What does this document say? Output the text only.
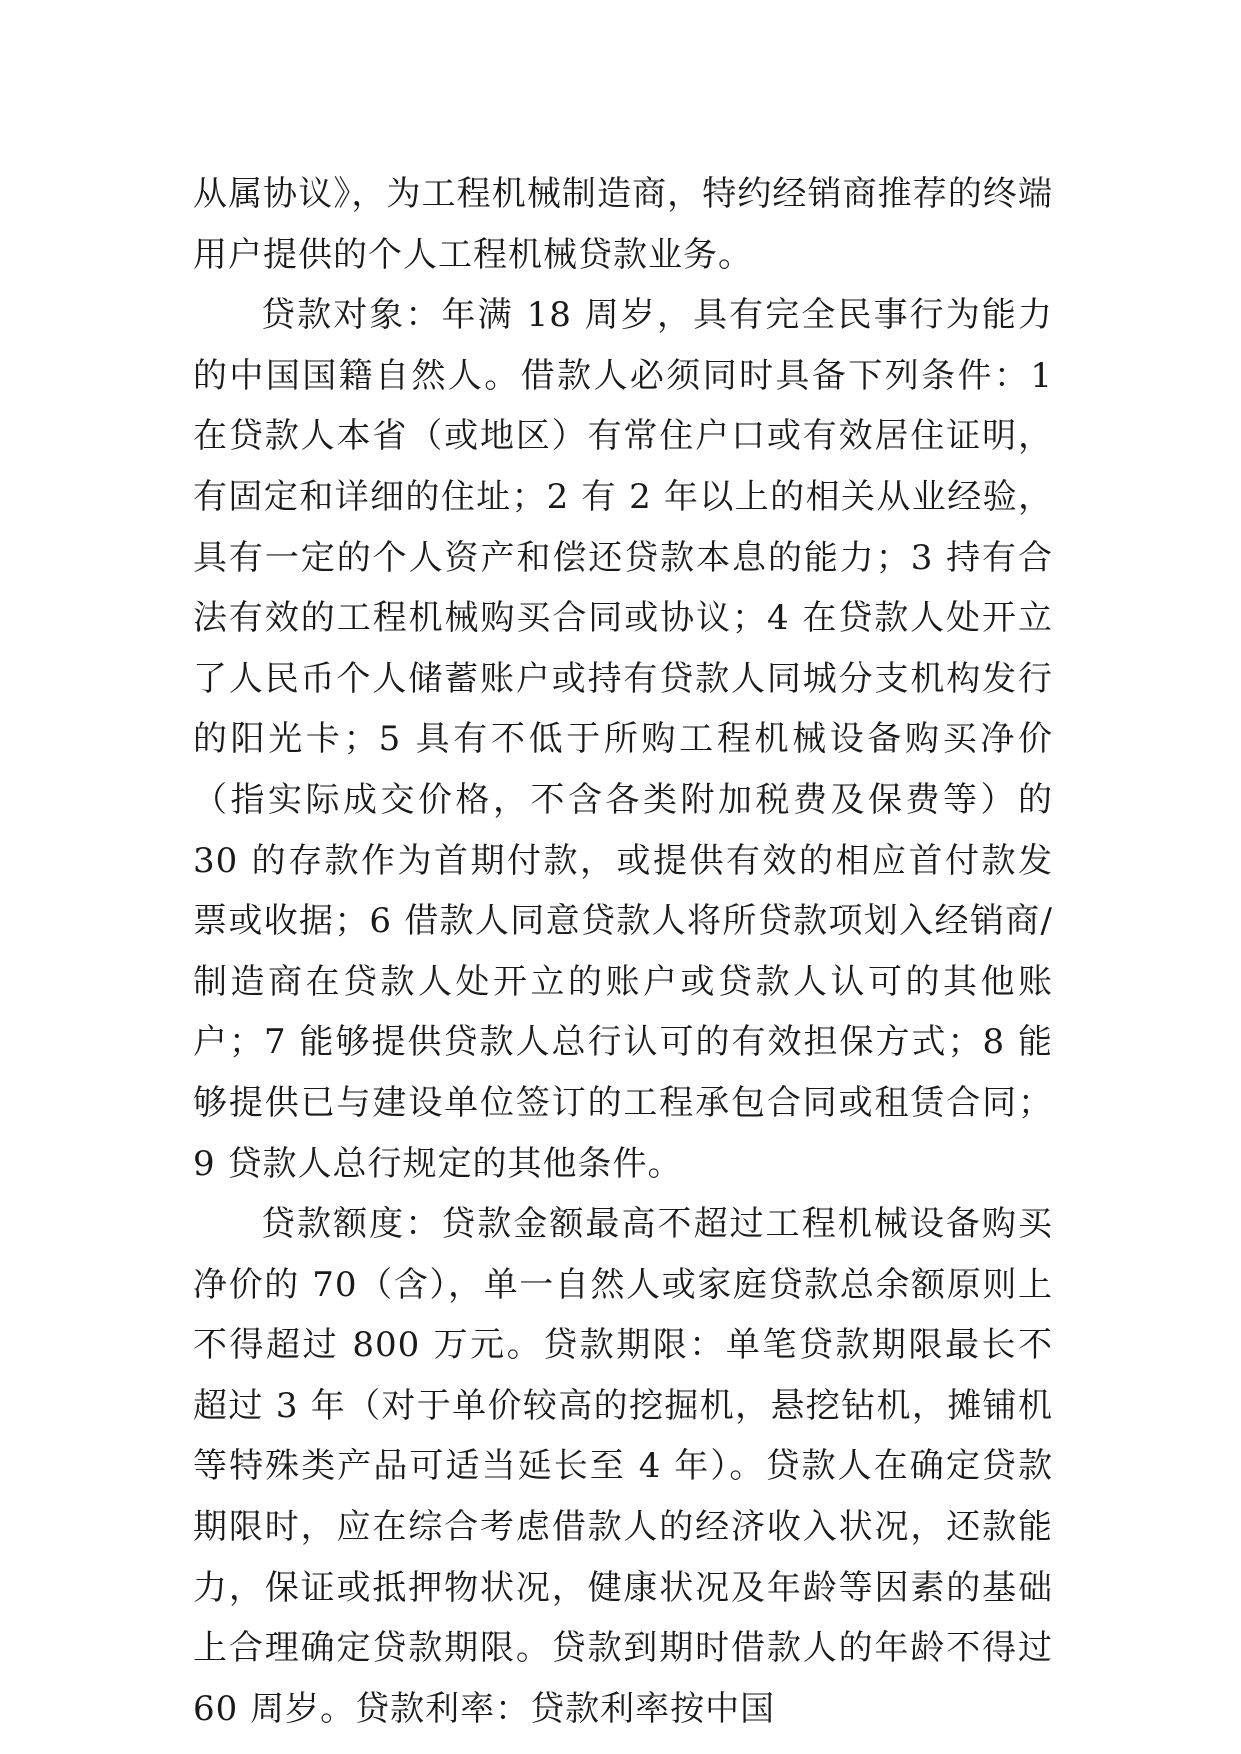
从属协议》，为工程机械制造商，特约经销商推荐的终端用户提供的个人工程机械贷款业务。

贷款对象：年满 18 周岁，具有完全民事行为能力的中国国籍自然人。借款人必须同时具备下列条件：1 在贷款人本省（或地区）有常住户口或有效居住证明，有固定和详细的住址；2 有 2 年以上的相关从业经验，具有一定的个人资产和偿还贷款本息的能力；3 持有合法有效的工程机械购买合同或协议；4 在贷款人处开立了人民币个人储蓄账户或持有贷款人同城分支机构发行的阳光卡；5 具有不低于所购工程机械设备购买净价（指实际成交价格，不含各类附加税费及保费等）的 30 的存款作为首期付款，或提供有效的相应首付款发票或收据；6 借款人同意贷款人将所贷款项划入经销商/制造商在贷款人处开立的账户或贷款人认可的其他账户；7 能够提供贷款人总行认可的有效担保方式；8 能够提供已与建设单位签订的工程承包合同或租赁合同；9 贷款人总行规定的其他条件。

贷款额度：贷款金额最高不超过工程机械设备购买净价的 70（含），单一自然人或家庭贷款总余额原则上不得超过 800 万元。贷款期限：单笔贷款期限最长不超过 3 年（对于单价较高的挖掘机，悬挖钻机，摊铺机等特殊类产品可适当延长至 4 年）。贷款人在确定贷款期限时，应在综合考虑借款人的经济收入状况，还款能力，保证或抵押物状况，健康状况及年龄等因素的基础上合理确定贷款期限。贷款到期时借款人的年龄不得过 60 周岁。贷款利率：贷款利率按中国
